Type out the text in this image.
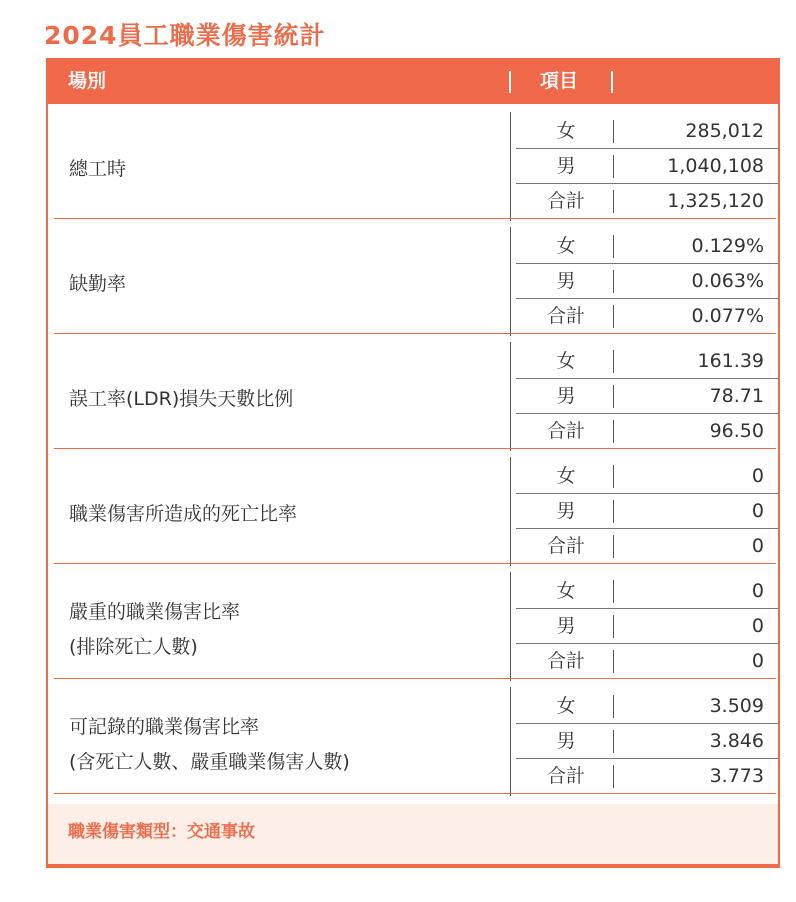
2024員工職業傷害統計
場別	項目
總工時
女	285,012
男	1,040,108
合計	1,325,120
缺勤率
女	0.129%
男	0.063%
合計	0.077%
誤工率(LDR)損失天數比例
女	161.39
男	78.71
合計	96.50
職業傷害所造成的死亡比率
女	0
男	0
合計	0
嚴重的職業傷害比率
(排除死亡人數)
女	0
男	0
合計	0
可記錄的職業傷害比率
(含死亡人數、嚴重職業傷害人數)
女	3.509
男	3.846
合計	3.773
職業傷害類型：交通事故
